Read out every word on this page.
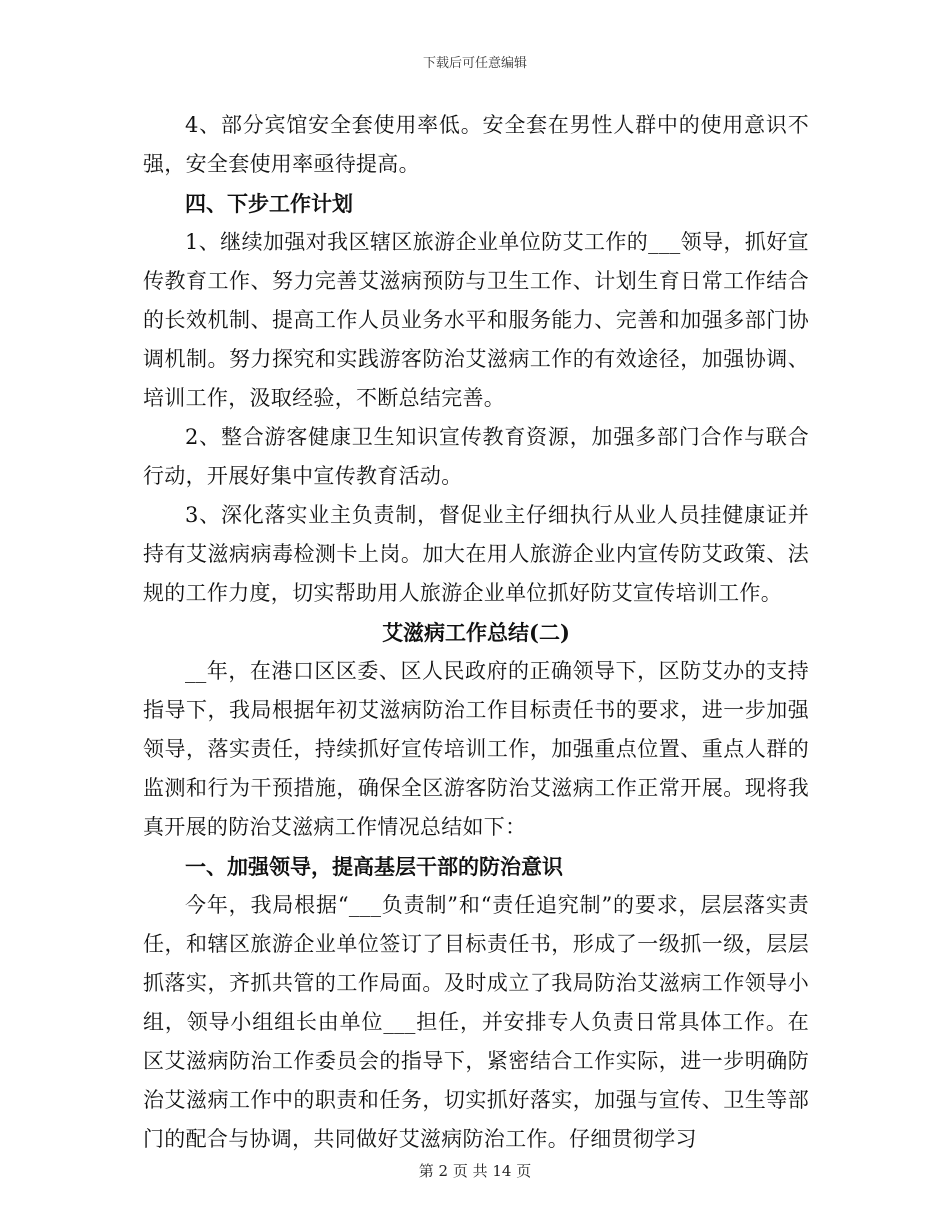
下载后可任意编辑

4、部分宾馆安全套使用率低。安全套在男性人群中的使用意识不强，安全套使用率亟待提高。

四、下步工作计划

1、继续加强对我区辖区旅游企业单位防艾工作的___领导，抓好宣传教育工作、努力完善艾滋病预防与卫生工作、计划生育日常工作结合的长效机制、提高工作人员业务水平和服务能力、完善和加强多部门协调机制。努力探究和实践游客防治艾滋病工作的有效途径，加强协调、培训工作，汲取经验，不断总结完善。

2、整合游客健康卫生知识宣传教育资源，加强多部门合作与联合行动，开展好集中宣传教育活动。

3、深化落实业主负责制，督促业主仔细执行从业人员挂健康证并持有艾滋病病毒检测卡上岗。加大在用人旅游企业内宣传防艾政策、法规的工作力度，切实帮助用人旅游企业单位抓好防艾宣传培训工作。

艾滋病工作总结(二)

__年，在港口区区委、区人民政府的正确领导下，区防艾办的支持指导下，我局根据年初艾滋病防治工作目标责任书的要求，进一步加强领导，落实责任，持续抓好宣传培训工作，加强重点位置、重点人群的监测和行为干预措施，确保全区游客防治艾滋病工作正常开展。现将我真开展的防治艾滋病工作情况总结如下：

一、加强领导，提高基层干部的防治意识

今年，我局根据“___负责制”和“责任追究制”的要求，层层落实责任，和辖区旅游企业单位签订了目标责任书，形成了一级抓一级，层层抓落实，齐抓共管的工作局面。及时成立了我局防治艾滋病工作领导小组，领导小组组长由单位___担任，并安排专人负责日常具体工作。在区艾滋病防治工作委员会的指导下，紧密结合工作实际，进一步明确防治艾滋病工作中的职责和任务，切实抓好落实，加强与宣传、卫生等部门的配合与协调，共同做好艾滋病防治工作。仔细贯彻学习

第 2 页 共 14 页
